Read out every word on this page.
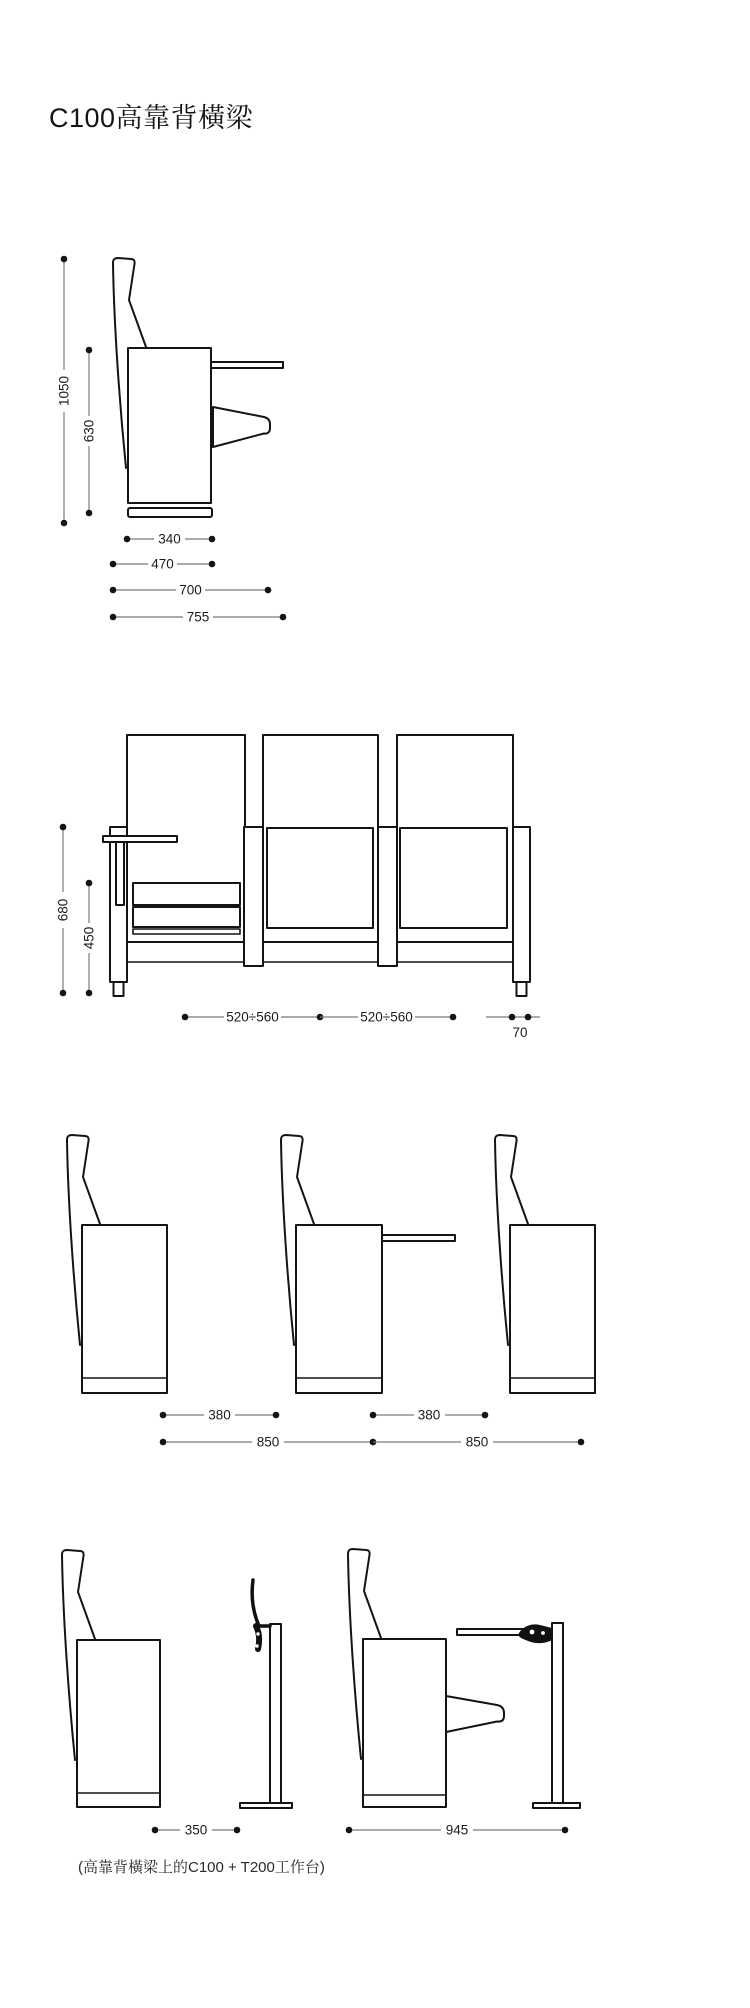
C100高靠背橫梁
1050
630
340
470
700
755
680
450
520÷560	520÷560
70
380	380
850	850
350	945
(高靠背橫梁上的C100 + T200工作台)
